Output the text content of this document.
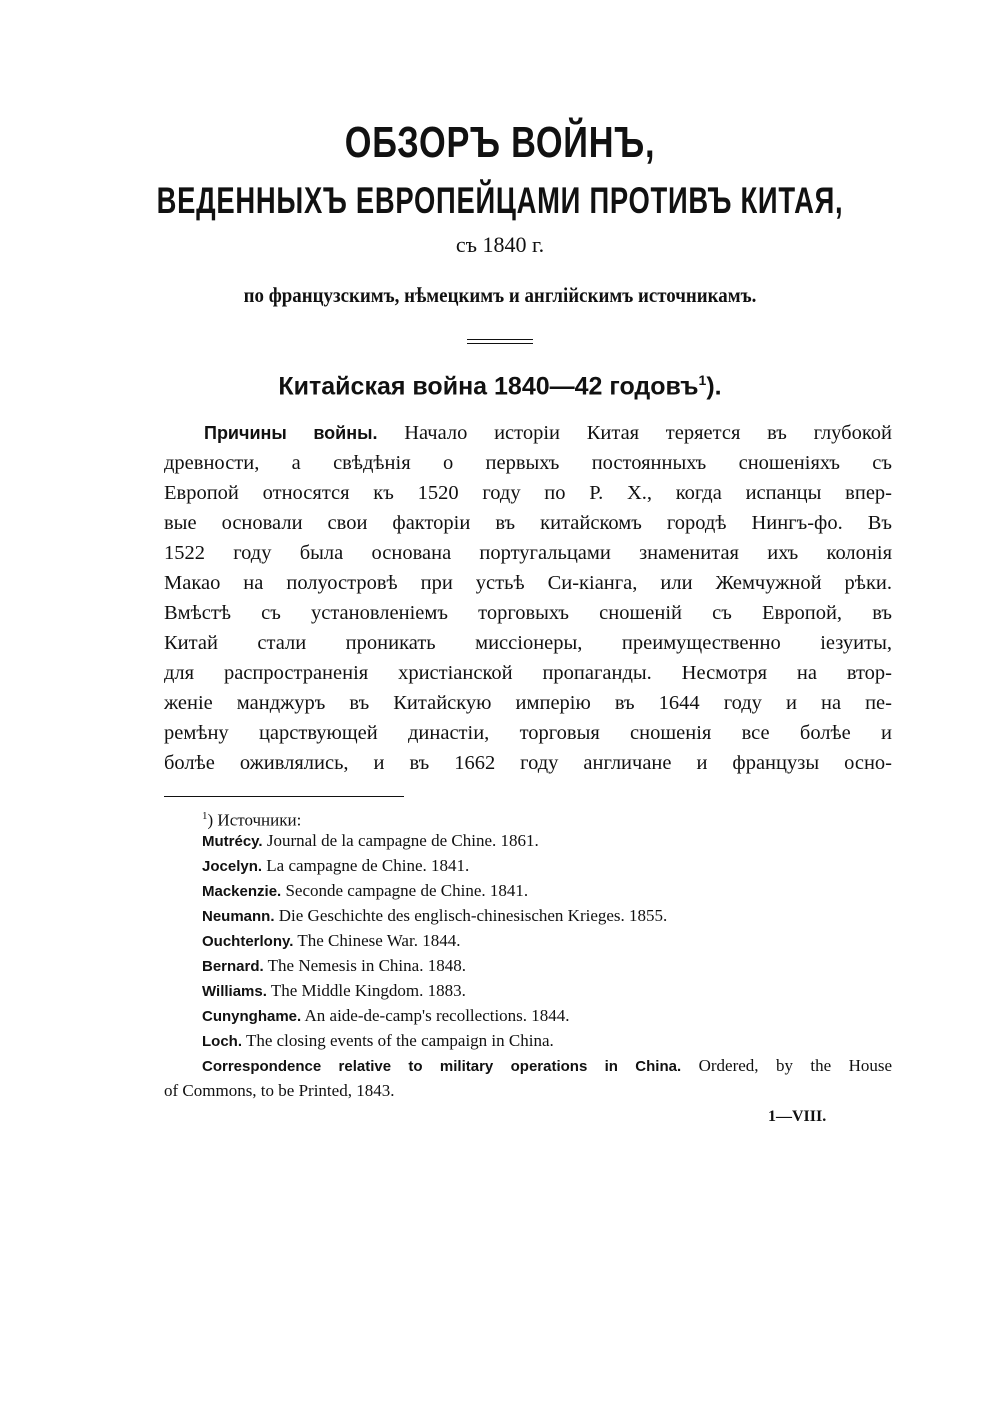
ОБЗОРЪ ВОЙНЪ,
ВЕДЕННЫХЪ ЕВРОПЕЙЦАМИ ПРОТИВЪ КИТАЯ,
съ 1840 г.
по французскимъ, нѣмецкимъ и англійскимъ источникамъ.
Китайская война 1840—42 годовъ$^1$).
Причины войны. Начало исторіи Китая теряется въ глубокой
древности, а свѣдѣнія о первыхъ постоянныхъ сношеніяхъ съ
Европой относятся къ 1520 году по Р. Х., когда испанцы впер-
вые основали свои факторіи въ китайскомъ городѣ Нингъ-фо. Въ
1522 году была основана португальцами знаменитая ихъ колонія
Макао на полуостровѣ при устьѣ Си-кіанга, или Жемчужной рѣки.
Вмѣстѣ съ установленіемъ торговыхъ сношеній съ Европой, въ
Китай стали проникать миссіонеры, преимущественно іезуиты,
для распространенія христіанской пропаганды. Несмотря на втор-
женіе манджуръ въ Китайскую имперію въ 1644 году и на пе-
ремѣну царствующей династіи, торговыя сношенія все болѣе и
болѣе оживлялись, и въ 1662 году англичане и французы осно-
$^1$) Источники:
Mutrécy. Journal de la campagne de Chine. 1861.
Jocelyn. La campagne de Chine. 1841.
Mackenzie. Seconde campagne de Chine. 1841.
Neumann. Die Geschichte des englisch-chinesischen Krieges. 1855.
Ouchterlony. The Chinese War. 1844.
Bernard. The Nemesis in China. 1848.
Williams. The Middle Kingdom. 1883.
Cunynghame. An aide-de-camp's recollections. 1844.
Loch. The closing events of the campaign in China.
Correspondence relative to military operations in China. Ordered, by the House
of Commons, to be Printed, 1843.
1—VIII.
